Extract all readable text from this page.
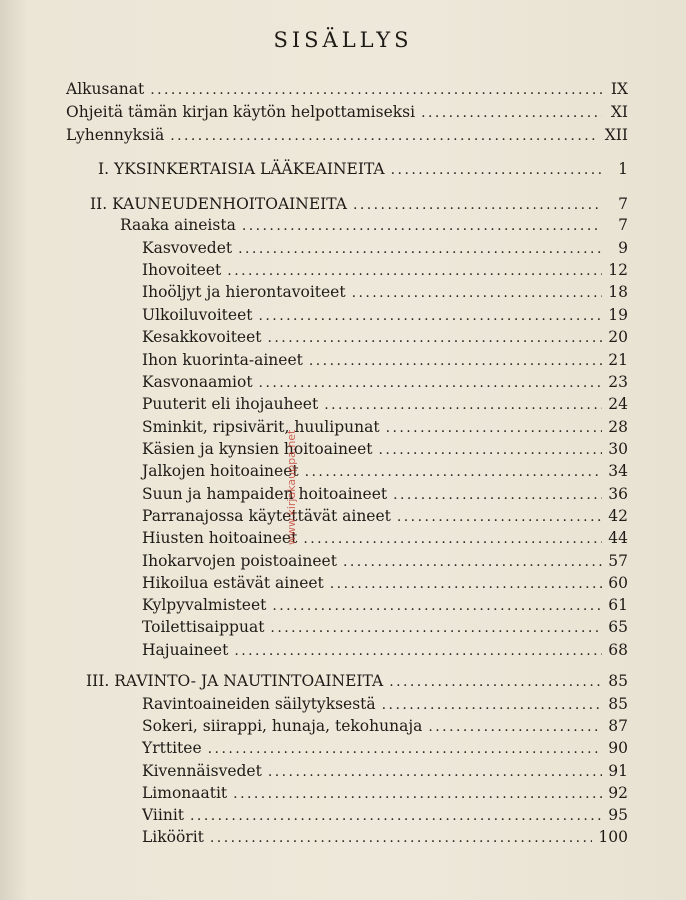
SISÄLLYS
Alkusanat . . .	IX
Ohjeitä tämän kirjan käytön helpottamiseksi . . .	XI
Lyhennyksiä . . .	XII
I. YKSINKERTAISIA LÄÄKEAINEITA . . .	1
II. KAUNEUDENHOITOAINEITA . . .	7
Raaka aineista . . .	7
Kasvovedet . . .	9
Ihovoiteet . . .	12
Ihoöljyt ja hierontavoiteet . . .	18
Ulkoiluvoiteet . . .	19
Kesakkovoiteet . . .	20
Ihon kuorinta-aineet . . .	21
Kasvonaamiot . . .	23
Puuterit eli ihojauheet . . .	24
Sminkit, ripsivärit, huulipunat . . .	28
Käsien ja kynsien hoitoaineet . . .	30
Jalkojen hoitoaineet . . .	34
Suun ja hampaiden hoitoaineet . . .	36
Parranajossa käytettävät aineet . . .	42
Hiusten hoitoaineet . . .	44
Ihokarvojen poistoaineet . . .	57
Hikoilua estävät aineet . . .	60
Kylpyvalmisteet . . .	61
Toilettisaippuat . . .	65
Hajuaineet . . .	68
III. RAVINTO- JA NAUTINTOAINEITA . . .	85
Ravintoaineiden säilytyksestä . . .	85
Sokeri, siirappi, hunaja, tekohunaja . . .	87
Yrttitee . . .	90
Kivennäisvedet . . .	91
Limonaatit . . .	92
Viinit . . .	95
Liköörit . . .	100
www.kirjakauppa.net
